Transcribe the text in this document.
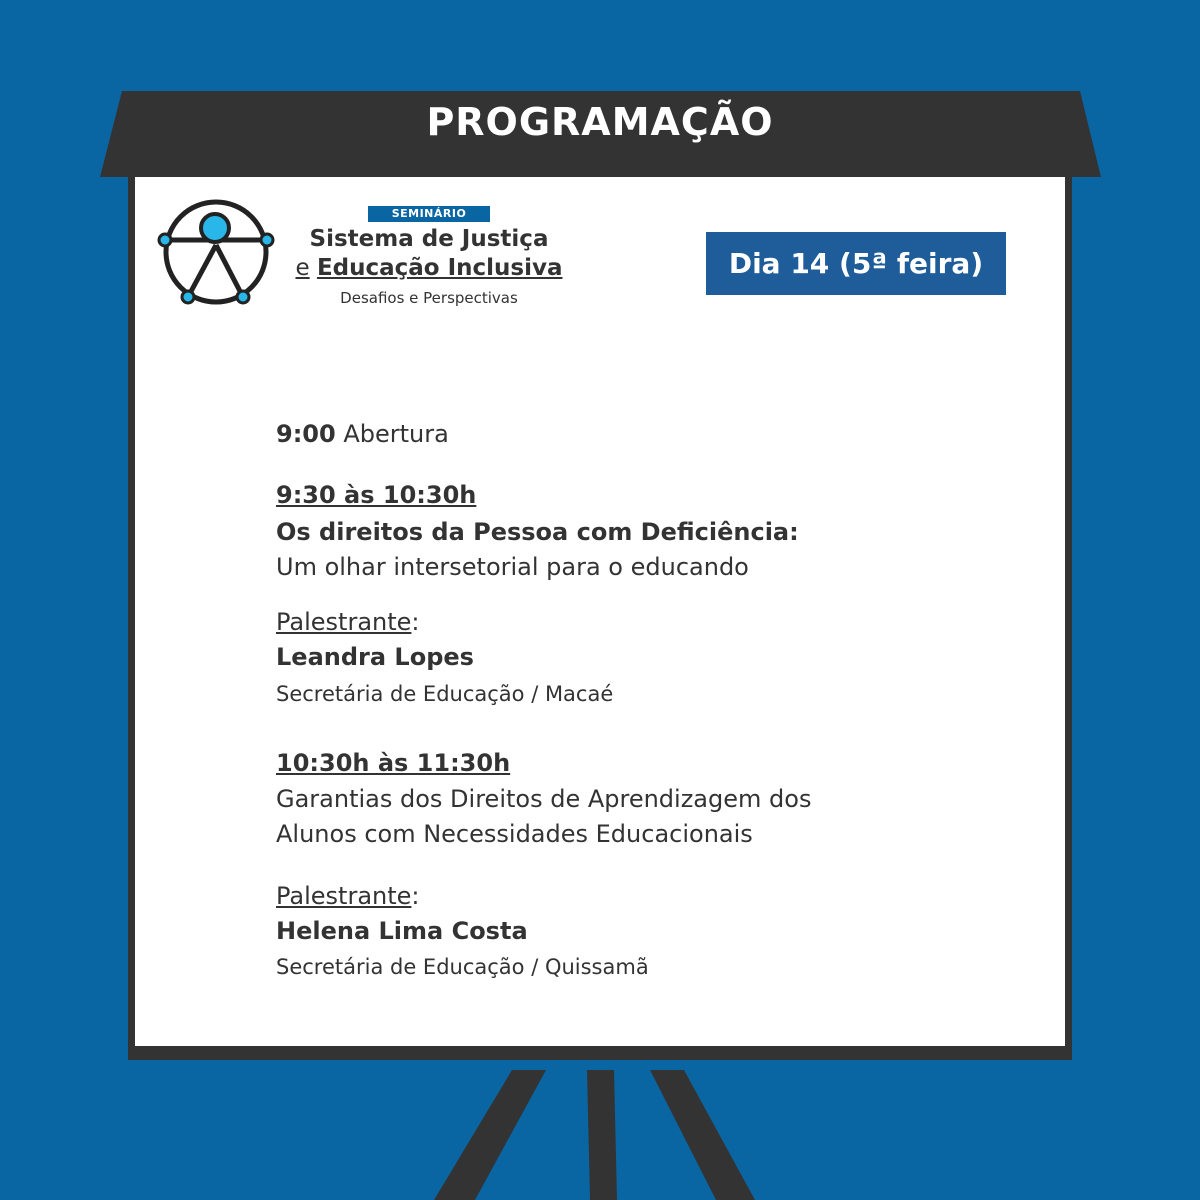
PROGRAMAÇÃO
SEMINÁRIO
Sistema de Justiça
e Educação Inclusiva
Desafios e Perspectivas
Dia 14 (5ª feira)
9:00 Abertura
9:30 às 10:30h
Os direitos da Pessoa com Deficiência:
Um olhar intersetorial para o educando
Palestrante:
Leandra Lopes
Secretária de Educação / Macaé
10:30h às 11:30h
Garantias dos Direitos de Aprendizagem dos
Alunos com Necessidades Educacionais
Palestrante:
Helena Lima Costa
Secretária de Educação / Quissamã
